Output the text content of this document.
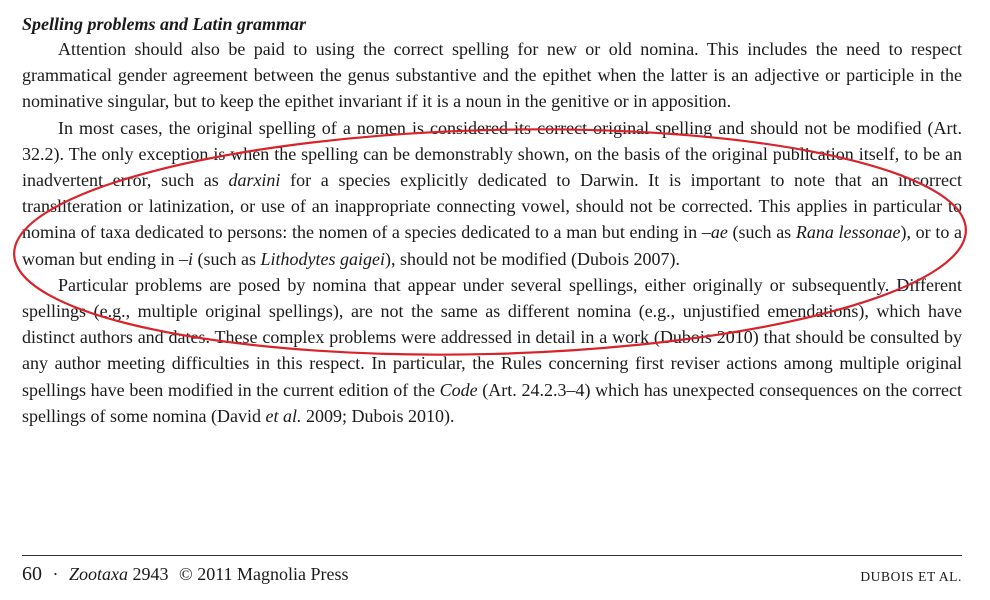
Spelling problems and Latin grammar

Attention should also be paid to using the correct spelling for new or old nomina. This includes the need to respect grammatical gender agreement between the genus substantive and the epithet when the latter is an adjective or participle in the nominative singular, but to keep the epithet invariant if it is a noun in the genitive or in apposition.

In most cases, the original spelling of a nomen is considered its correct original spelling and should not be modified (Art. 32.2). The only exception is when the spelling can be demonstrably shown, on the basis of the original publication itself, to be an inadvertent error, such as darxini for a species explicitly dedicated to Darwin. It is important to note that an incorrect transliteration or latinization, or use of an inappropriate connecting vowel, should not be corrected. This applies in particular to nomina of taxa dedicated to persons: the nomen of a species dedicated to a man but ending in –ae (such as Rana lessonae), or to a woman but ending in –i (such as Lithodytes gaigei), should not be modified (Dubois 2007).

Particular problems are posed by nomina that appear under several spellings, either originally or subsequently. Different spellings (e.g., multiple original spellings), are not the same as different nomina (e.g., unjustified emendations), which have distinct authors and dates. These complex problems were addressed in detail in a work (Dubois 2010) that should be consulted by any author meeting difficulties in this respect. In particular, the Rules concerning first reviser actions among multiple original spellings have been modified in the current edition of the Code (Art. 24.2.3–4) which has unexpected consequences on the correct spellings of some nomina (David et al. 2009; Dubois 2010).

60 · Zootaxa 2943 © 2011 Magnolia Press	DUBOIS ET AL.
